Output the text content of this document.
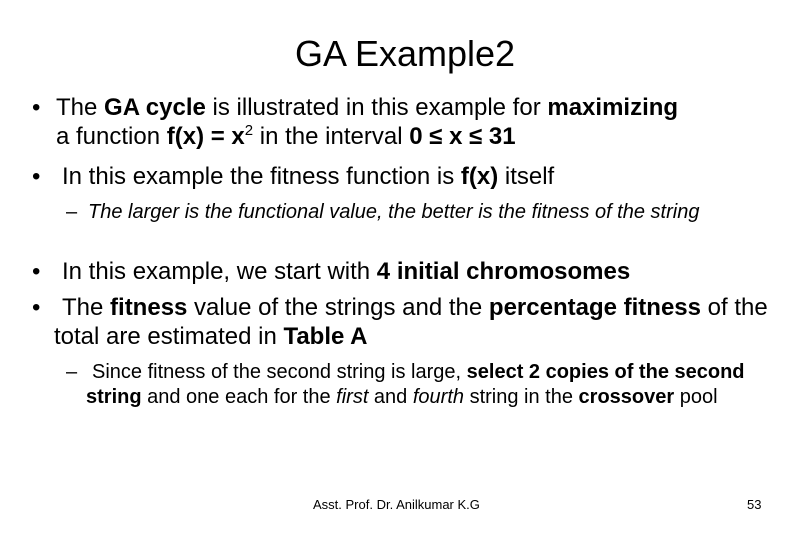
GA Example2
• The GA cycle is illustrated in this example for maximizing
a function $f(x) = x^2$ in the interval 0 ≤ x ≤ 31
• In this example the fitness function is f(x) itself
– The larger is the functional value, the better is the fitness of the string
• In this example, we start with 4 initial chromosomes
• The fitness value of the strings and the percentage fitness of the total are estimated in Table A
– Since fitness of the second string is large, select 2 copies of the second string and one each for the first and fourth string in the crossover pool
Asst. Prof. Dr. Anilkumar K.G	53
